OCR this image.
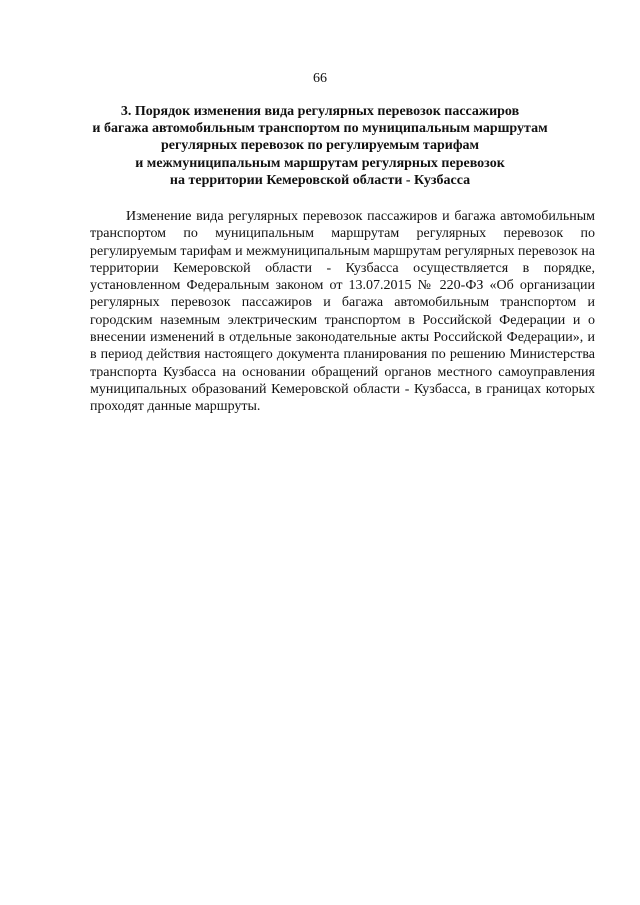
66
3. Порядок изменения вида регулярных перевозок пассажиров
и багажа автомобильным транспортом по муниципальным маршрутам
регулярных перевозок по регулируемым тарифам
и межмуниципальным маршрутам регулярных перевозок
на территории Кемеровской области - Кузбасса

Изменение вида регулярных перевозок пассажиров и багажа автомобильным транспортом по муниципальным маршрутам регулярных перевозок по регулируемым тарифам и межмуниципальным маршрутам регулярных перевозок на территории Кемеровской области - Кузбасса осуществляется в порядке, установленном Федеральным законом от 13.07.2015 № 220-ФЗ «Об организации регулярных перевозок пассажиров и багажа автомобильным транспортом и городским наземным электрическим транспортом в Российской Федерации и о внесении изменений в отдельные законодательные акты Российской Федерации», и в период действия настоящего документа планирования по решению Министерства транспорта Кузбасса на основании обращений органов местного самоуправления муниципальных образований Кемеровской области - Кузбасса, в границах которых проходят данные маршруты.
